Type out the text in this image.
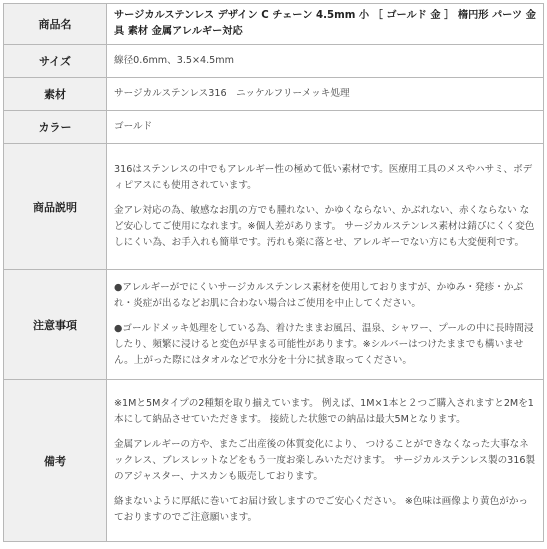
商品名	サージカルステンレス デザイン C チェーン 4.5mm 小 ［ ゴールド 金 ］ 楕円形 パーツ 金具 素材 金属アレルギー対応
サイズ	線径0.6mm、3.5×4.5mm
素材	サージカルステンレス316　ニッケルフリーメッキ処理
カラー	ゴールド
商品説明	316はステンレスの中でもアレルギー性の極めて低い素材です。医療用工具のメスやハサミ、ボディピアスにも使用されています。

金アレ対応の為、敏感なお肌の方でも腫れない、かゆくならない、かぶれない、赤くならない など安心してご使用になれます。※個人差があります。 サージカルステンレス素材は錆びにくく変色しにくい為、お手入れも簡単です。汚れも楽に落とせ、アレルギーでない方にも大変便利です。

注意事項	●アレルギーがでにくいサージカルステンレス素材を使用しておりますが、かゆみ・発疹・かぶれ・炎症が出るなどお肌に合わない場合はご使用を中止してください。

●ゴールドメッキ処理をしている為、着けたままお風呂、温泉、シャワー、プールの中に長時間浸したり、頻繁に浸けると変色が早まる可能性があります。※シルバーはつけたままでも構いません。上がった際にはタオルなどで水分を十分に拭き取ってください。

備考	※1Mと5Mタイプの2種類を取り揃えています。 例えば、1M×1本と２つご購入されますと2Mを1本にして納品させていただきます。 接続した状態での納品は最大5Mとなります。

金属アレルギーの方や、またご出産後の体質変化により、 つけることができなくなった大事なネックレス、ブレスレットなどをもう一度お楽しみいただけます。 サージカルステンレス製の316製のアジャスター、ナスカンも販売しております。

絡まないように厚紙に巻いてお届け致しますのでご安心ください。 ※色味は画像より黄色がかっておりますのでご注意願います。
